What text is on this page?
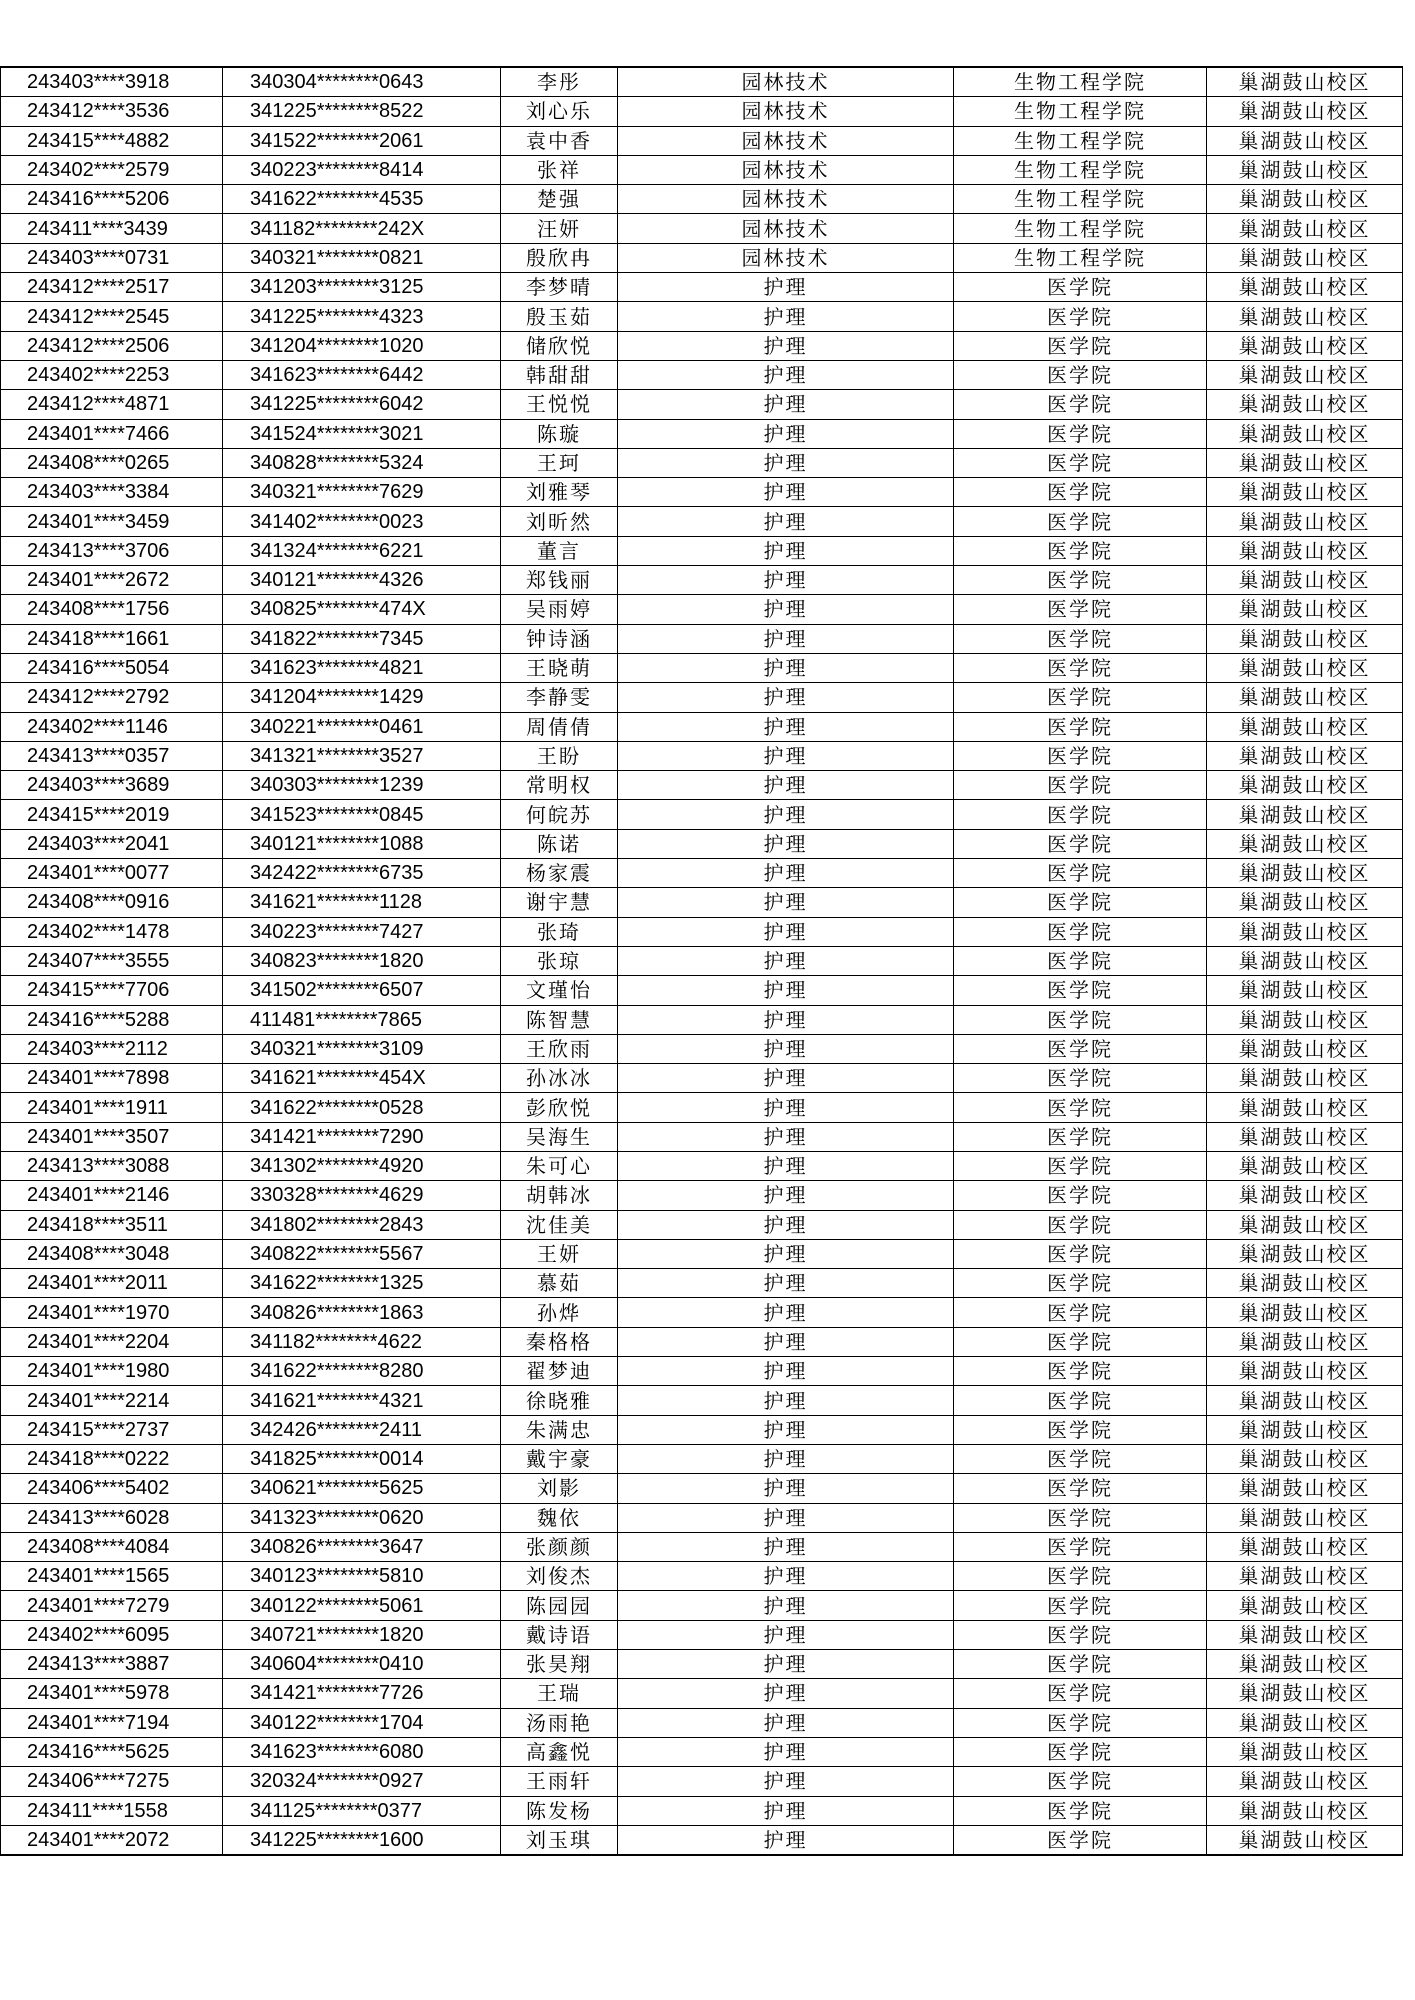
243403****3918	340304********0643	李彤	园林技术	生物工程学院	巢湖鼓山校区
243412****3536	341225********8522	刘心乐	园林技术	生物工程学院	巢湖鼓山校区
243415****4882	341522********2061	袁中香	园林技术	生物工程学院	巢湖鼓山校区
243402****2579	340223********8414	张祥	园林技术	生物工程学院	巢湖鼓山校区
243416****5206	341622********4535	楚强	园林技术	生物工程学院	巢湖鼓山校区
243411****3439	341182********242X	汪妍	园林技术	生物工程学院	巢湖鼓山校区
243403****0731	340321********0821	殷欣冉	园林技术	生物工程学院	巢湖鼓山校区
243412****2517	341203********3125	李梦晴	护理	医学院	巢湖鼓山校区
243412****2545	341225********4323	殷玉茹	护理	医学院	巢湖鼓山校区
243412****2506	341204********1020	储欣悦	护理	医学院	巢湖鼓山校区
243402****2253	341623********6442	韩甜甜	护理	医学院	巢湖鼓山校区
243412****4871	341225********6042	王悦悦	护理	医学院	巢湖鼓山校区
243401****7466	341524********3021	陈璇	护理	医学院	巢湖鼓山校区
243408****0265	340828********5324	王珂	护理	医学院	巢湖鼓山校区
243403****3384	340321********7629	刘雅琴	护理	医学院	巢湖鼓山校区
243401****3459	341402********0023	刘昕然	护理	医学院	巢湖鼓山校区
243413****3706	341324********6221	董言	护理	医学院	巢湖鼓山校区
243401****2672	340121********4326	郑钱丽	护理	医学院	巢湖鼓山校区
243408****1756	340825********474X	吴雨婷	护理	医学院	巢湖鼓山校区
243418****1661	341822********7345	钟诗涵	护理	医学院	巢湖鼓山校区
243416****5054	341623********4821	王晓萌	护理	医学院	巢湖鼓山校区
243412****2792	341204********1429	李静雯	护理	医学院	巢湖鼓山校区
243402****1146	340221********0461	周倩倩	护理	医学院	巢湖鼓山校区
243413****0357	341321********3527	王盼	护理	医学院	巢湖鼓山校区
243403****3689	340303********1239	常明权	护理	医学院	巢湖鼓山校区
243415****2019	341523********0845	何皖苏	护理	医学院	巢湖鼓山校区
243403****2041	340121********1088	陈诺	护理	医学院	巢湖鼓山校区
243401****0077	342422********6735	杨家震	护理	医学院	巢湖鼓山校区
243408****0916	341621********1128	谢宇慧	护理	医学院	巢湖鼓山校区
243402****1478	340223********7427	张琦	护理	医学院	巢湖鼓山校区
243407****3555	340823********1820	张琼	护理	医学院	巢湖鼓山校区
243415****7706	341502********6507	文瑾怡	护理	医学院	巢湖鼓山校区
243416****5288	411481********7865	陈智慧	护理	医学院	巢湖鼓山校区
243403****2112	340321********3109	王欣雨	护理	医学院	巢湖鼓山校区
243401****7898	341621********454X	孙冰冰	护理	医学院	巢湖鼓山校区
243401****1911	341622********0528	彭欣悦	护理	医学院	巢湖鼓山校区
243401****3507	341421********7290	吴海生	护理	医学院	巢湖鼓山校区
243413****3088	341302********4920	朱可心	护理	医学院	巢湖鼓山校区
243401****2146	330328********4629	胡韩冰	护理	医学院	巢湖鼓山校区
243418****3511	341802********2843	沈佳美	护理	医学院	巢湖鼓山校区
243408****3048	340822********5567	王妍	护理	医学院	巢湖鼓山校区
243401****2011	341622********1325	慕茹	护理	医学院	巢湖鼓山校区
243401****1970	340826********1863	孙烨	护理	医学院	巢湖鼓山校区
243401****2204	341182********4622	秦格格	护理	医学院	巢湖鼓山校区
243401****1980	341622********8280	翟梦迪	护理	医学院	巢湖鼓山校区
243401****2214	341621********4321	徐晓雅	护理	医学院	巢湖鼓山校区
243415****2737	342426********2411	朱满忠	护理	医学院	巢湖鼓山校区
243418****0222	341825********0014	戴宇豪	护理	医学院	巢湖鼓山校区
243406****5402	340621********5625	刘影	护理	医学院	巢湖鼓山校区
243413****6028	341323********0620	魏依	护理	医学院	巢湖鼓山校区
243408****4084	340826********3647	张颜颜	护理	医学院	巢湖鼓山校区
243401****1565	340123********5810	刘俊杰	护理	医学院	巢湖鼓山校区
243401****7279	340122********5061	陈园园	护理	医学院	巢湖鼓山校区
243402****6095	340721********1820	戴诗语	护理	医学院	巢湖鼓山校区
243413****3887	340604********0410	张昊翔	护理	医学院	巢湖鼓山校区
243401****5978	341421********7726	王瑞	护理	医学院	巢湖鼓山校区
243401****7194	340122********1704	汤雨艳	护理	医学院	巢湖鼓山校区
243416****5625	341623********6080	高鑫悦	护理	医学院	巢湖鼓山校区
243406****7275	320324********0927	王雨轩	护理	医学院	巢湖鼓山校区
243411****1558	341125********0377	陈发杨	护理	医学院	巢湖鼓山校区
243401****2072	341225********1600	刘玉琪	护理	医学院	巢湖鼓山校区
